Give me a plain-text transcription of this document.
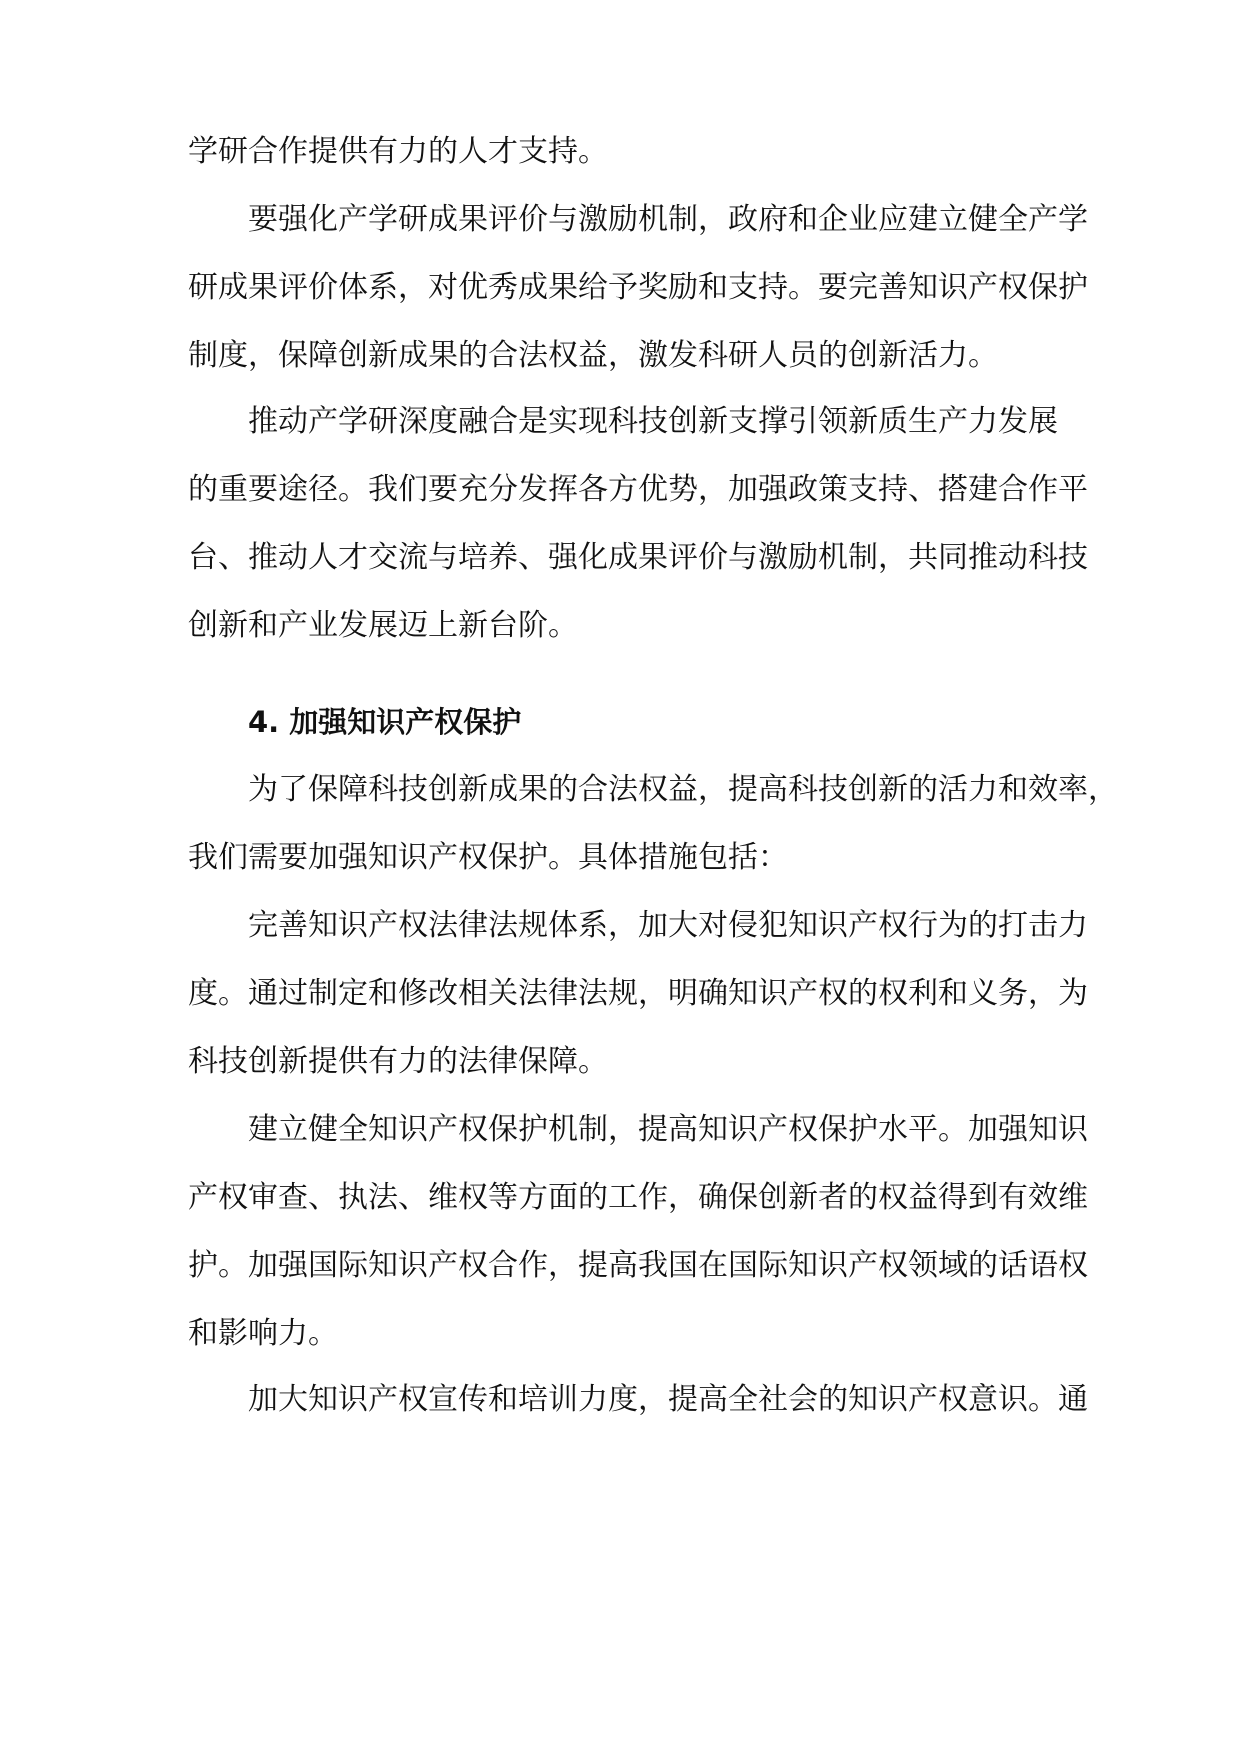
学研合作提供有力的人才支持。

要强化产学研成果评价与激励机制，政府和企业应建立健全产学

研成果评价体系，对优秀成果给予奖励和支持。要完善知识产权保护

制度，保障创新成果的合法权益，激发科研人员的创新活力。

推动产学研深度融合是实现科技创新支撑引领新质生产力发展

的重要途径。我们要充分发挥各方优势，加强政策支持、搭建合作平

台、推动人才交流与培养、强化成果评价与激励机制，共同推动科技

创新和产业发展迈上新台阶。

4. 加强知识产权保护

为了保障科技创新成果的合法权益，提高科技创新的活力和效率，

我们需要加强知识产权保护。具体措施包括：

完善知识产权法律法规体系，加大对侵犯知识产权行为的打击力

度。通过制定和修改相关法律法规，明确知识产权的权利和义务，为

科技创新提供有力的法律保障。

建立健全知识产权保护机制，提高知识产权保护水平。加强知识

产权审查、执法、维权等方面的工作，确保创新者的权益得到有效维

护。加强国际知识产权合作，提高我国在国际知识产权领域的话语权

和影响力。

加大知识产权宣传和培训力度，提高全社会的知识产权意识。通
